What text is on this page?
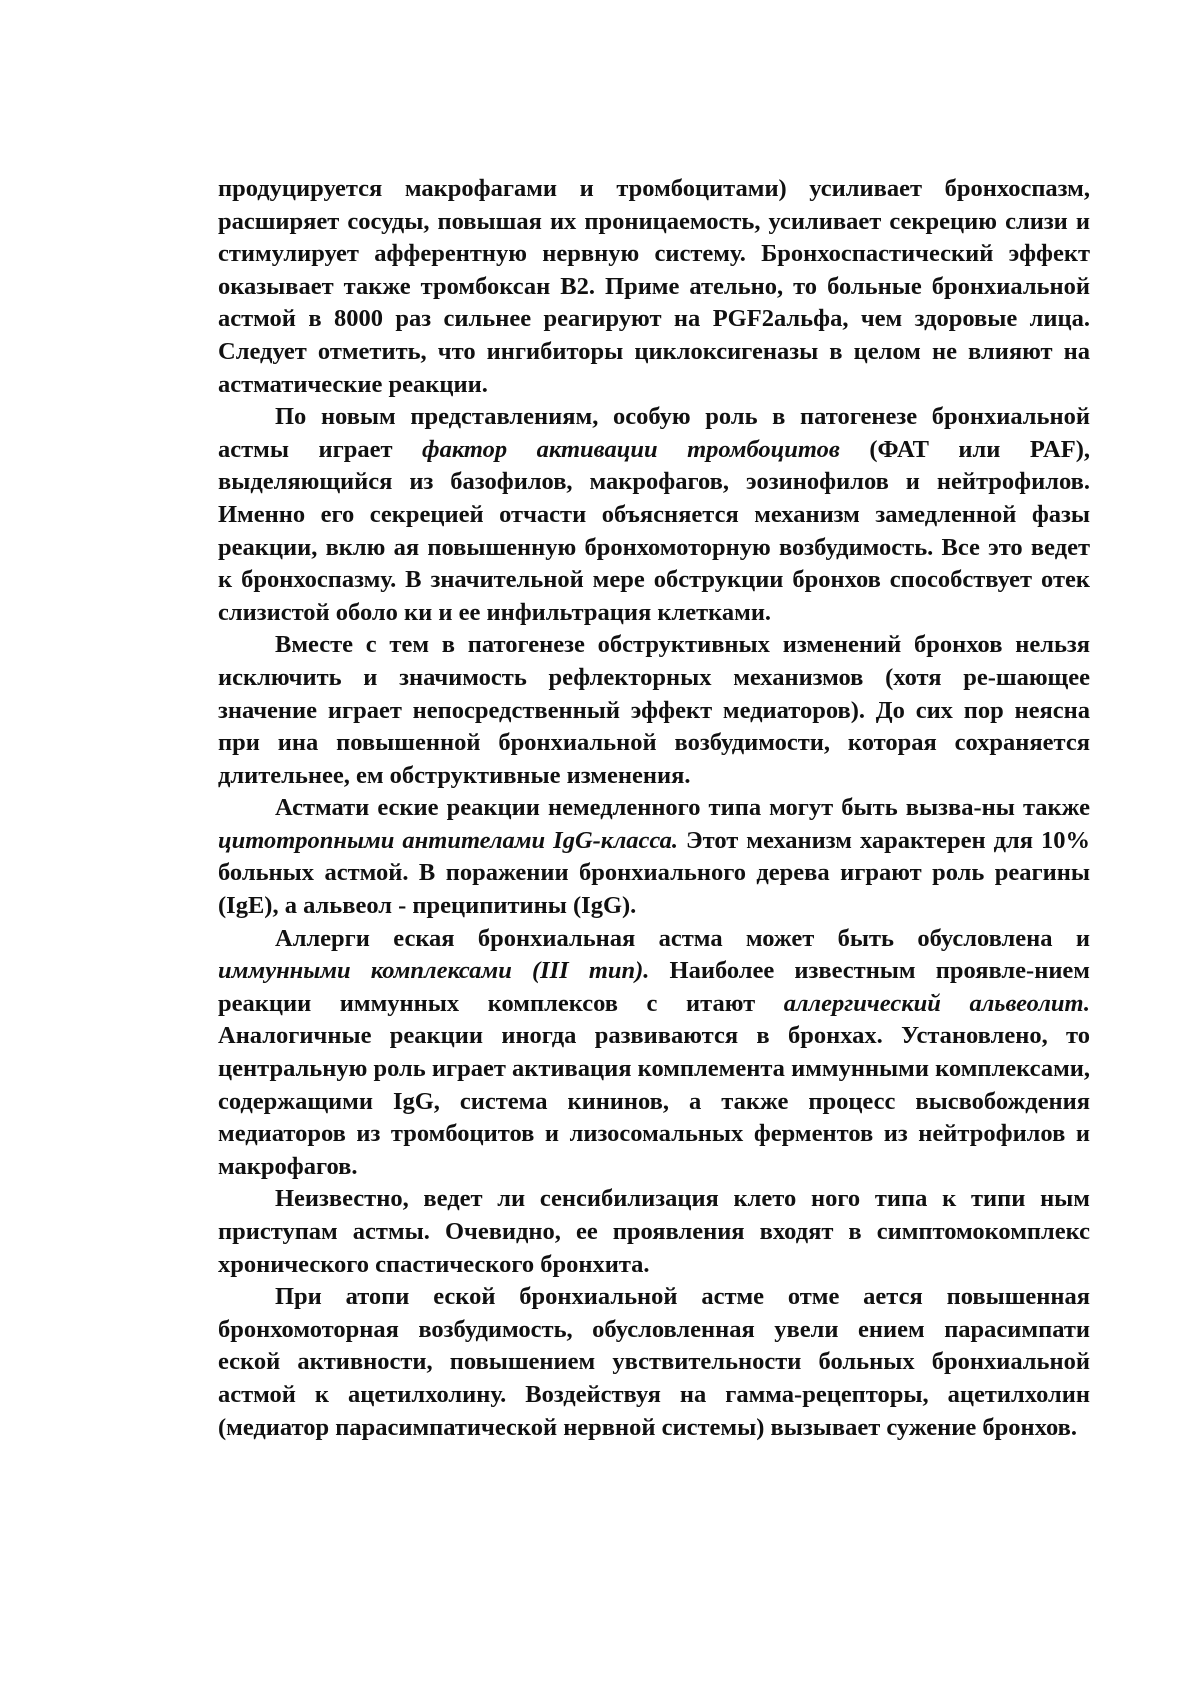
продуцируется макрофагами и тромбоцитами) усиливает бронхоспазм, расширяет сосуды, повышая их проницаемость, усиливает секрецию слизи и стимулирует афферентную нервную систему. Бронхоспастический эффект оказывает также тромбоксан В2. Приме ательно, то больные бронхиальной астмой в 8000 раз сильнее реагируют на PGF2альфа, чем здоровые лица. Следует отметить, что ингибиторы циклоксигеназы в целом не влияют на астматические реакции.

По новым представлениям, особую роль в патогенезе бронхиальной астмы играет фактор активации тромбоцитов (ФАТ или PAF), выделяющийся из базофилов, макрофагов, эозинофилов и нейтрофилов. Именно его секрецией отчасти объясняется механизм замедленной фазы реакции, вклю ая повышенную бронхомоторную возбудимость. Все это ведет к бронхоспазму. В значительной мере обструкции бронхов способствует отек слизистой оболо ки и ее инфильтрация клетками.

Вместе с тем в патогенезе обструктивных изменений бронхов нельзя исключить и значимость рефлекторных механизмов (хотя ре-шающее значение играет непосредственный эффект медиаторов). До сих пор неясна при ина повышенной бронхиальной возбудимости, которая сохраняется длительнее, ем обструктивные изменения.

Астмати еские реакции немедленного типа могут быть вызва-ны также цитотропными антителами IgG-класса. Этот механизм характерен для 10% больных астмой. В поражении бронхиального дерева играют роль реагины (IgE), а альвеол - преципитины (IgG).

Аллерги еская бронхиальная астма может быть обусловлена и иммунными комплексами (III тип). Наиболее известным проявле-нием реакции иммунных комплексов с итают аллергический альвеолит. Аналогичные реакции иногда развиваются в бронхах. Установлено, то центральную роль играет активация комплемента иммунными комплексами, содержащими IgG, система кининов, а также процесс высвобождения медиаторов из тромбоцитов и лизосомальных ферментов из нейтрофилов и макрофагов.

Неизвестно, ведет ли сенсибилизация клето ного типа к типи ным приступам астмы. Очевидно, ее проявления входят в симптомокомплекс хронического спастического бронхита.

При атопи еской бронхиальной астме отме ается повышенная бронхомоторная возбудимость, обусловленная увели ением парасимпати еской активности, повышением увствительности больных бронхиальной астмой к ацетилхолину. Воздействуя на гамма-рецепторы, ацетилхолин (медиатор парасимпатической нервной системы) вызывает сужение бронхов.
